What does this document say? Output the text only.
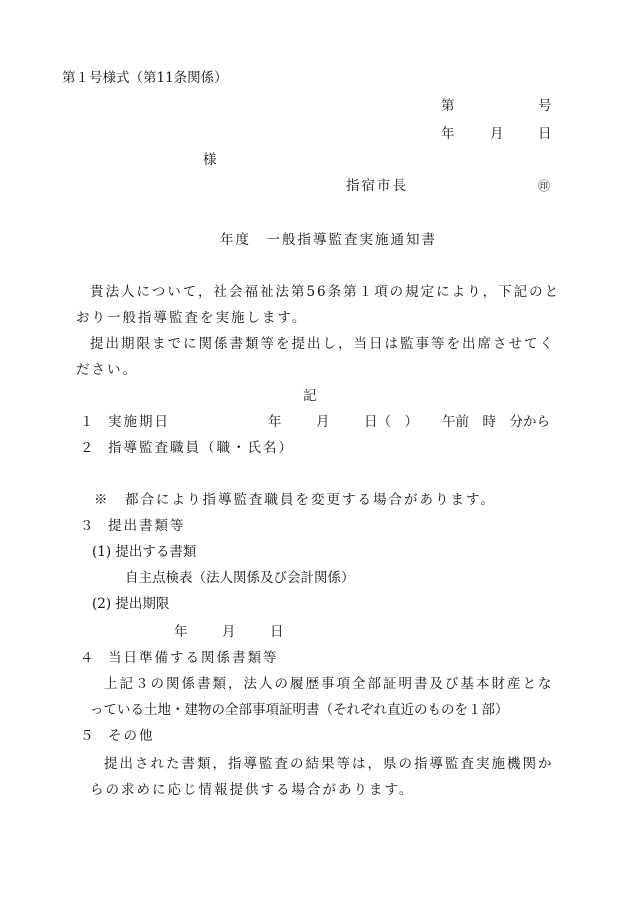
第１号様式（第11条関係）
第	号
年	月	日
様
指宿市長	㊞
年度　一般指導監査実施通知書
貴法人について，社会福祉法第56条第１項の規定により，下記のと
おり一般指導監査を実施します。
提出期限までに関係書類等を提出し，当日は監事等を出席させてく
ださい。
記
１ 実施期日	年	月	日（　） 午前　時　分から
２ 指導監査職員（職・氏名）
※　都合により指導監査職員を変更する場合があります。
３ 提出書類等
(1) 提出する書類
自主点検表（法人関係及び会計関係）
(2) 提出期限
年	月	日
４ 当日準備する関係書類等
上記３の関係書類，法人の履歴事項全部証明書及び基本財産とな
っている土地・建物の全部事項証明書（それぞれ直近のものを１部）
５ その他
提出された書類，指導監査の結果等は，県の指導監査実施機関か
らの求めに応じ情報提供する場合があります。
